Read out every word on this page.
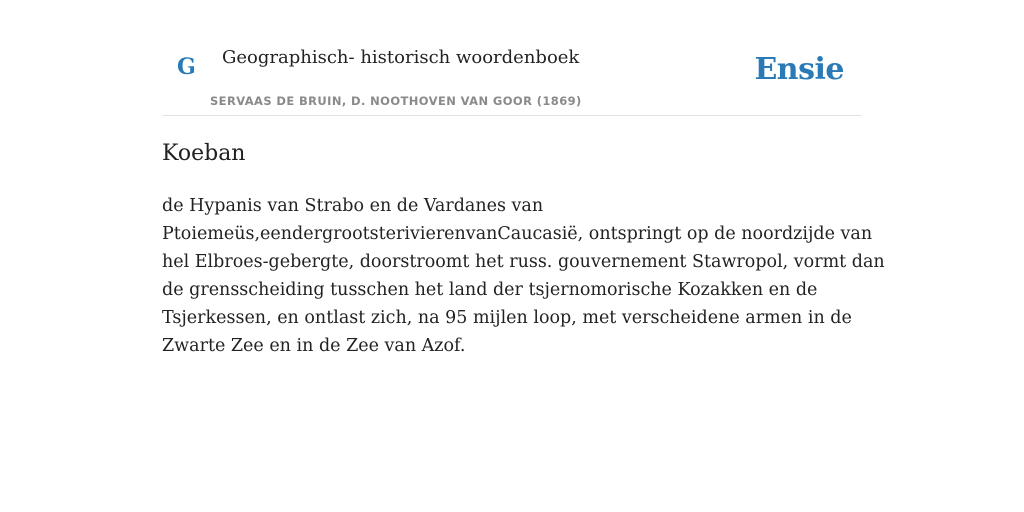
G Geographisch- historisch woordenboek
SERVAAS DE BRUIN, D. NOOTHOVEN VAN GOOR (1869)
Ensie
Koeban

de Hypanis van Strabo en de Vardanes van
Ptoiemeüs,eendergrootsterivierenvanCaucasië, ontspringt op de noordzijde van
hel Elbroes-gebergte, doorstroomt het russ. gouvernement Stawropol, vormt dan
de grensscheiding tusschen het land der tsjernomorische Kozakken en de
Tsjerkessen, en ontlast zich, na 95 mijlen loop, met verscheidene armen in de
Zwarte Zee en in de Zee van Azof.
